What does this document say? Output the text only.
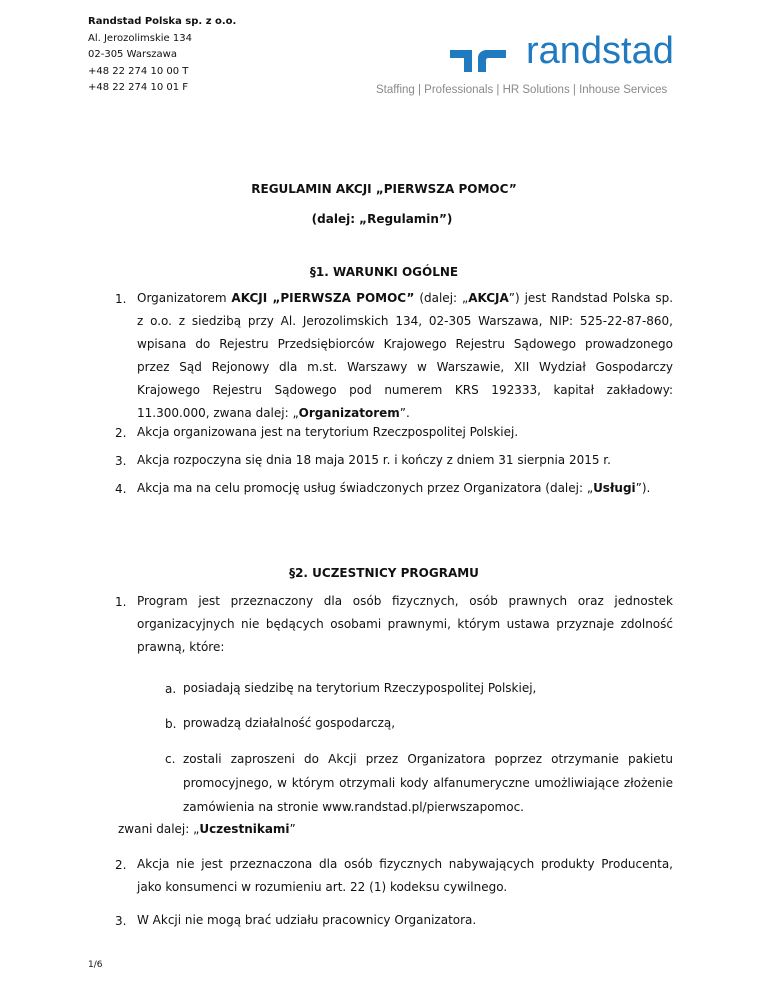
Randstad Polska sp. z o.o.
Al. Jerozolimskie 134
02-305 Warszawa
+48 22 274 10 00 T
+48 22 274 10 01 F
randstad
Staffing | Professionals | HR Solutions | Inhouse Services
REGULAMIN AKCJI „PIERWSZA POMOC”
(dalej: „Regulamin”)
§1. WARUNKI OGÓLNE
1. Organizatorem AKCJI „PIERWSZA POMOC” (dalej: „AKCJA”) jest Randstad Polska sp. z o.o. z siedzibą przy Al. Jerozolimskich 134, 02-305 Warszawa, NIP: 525-22-87-860, wpisana do Rejestru Przedsiębiorców Krajowego Rejestru Sądowego prowadzonego przez Sąd Rejonowy dla m.st. Warszawy w Warszawie, XII Wydział Gospodarczy Krajowego Rejestru Sądowego pod numerem KRS 192333, kapitał zakładowy: 11.300.000, zwana dalej: „Organizatorem”.
2. Akcja organizowana jest na terytorium Rzeczpospolitej Polskiej.
3. Akcja rozpoczyna się dnia 18 maja 2015 r. i kończy z dniem 31 sierpnia 2015 r.
4. Akcja ma na celu promocję usług świadczonych przez Organizatora (dalej: „Usługi”).
§2. UCZESTNICY PROGRAMU
1. Program jest przeznaczony dla osób fizycznych, osób prawnych oraz jednostek organizacyjnych nie będących osobami prawnymi, którym ustawa przyznaje zdolność prawną, które:
a. posiadają siedzibę na terytorium Rzeczypospolitej Polskiej,
b. prowadzą działalność gospodarczą,
c. zostali zaproszeni do Akcji przez Organizatora poprzez otrzymanie pakietu promocyjnego, w którym otrzymali kody alfanumeryczne umożliwiające złożenie zamówienia na stronie www.randstad.pl/pierwszapomoc.
zwani dalej: „Uczestnikami”
2. Akcja nie jest przeznaczona dla osób fizycznych nabywających produkty Producenta, jako konsumenci w rozumieniu art. 22 (1) kodeksu cywilnego.
3. W Akcji nie mogą brać udziału pracownicy Organizatora.
1/6
